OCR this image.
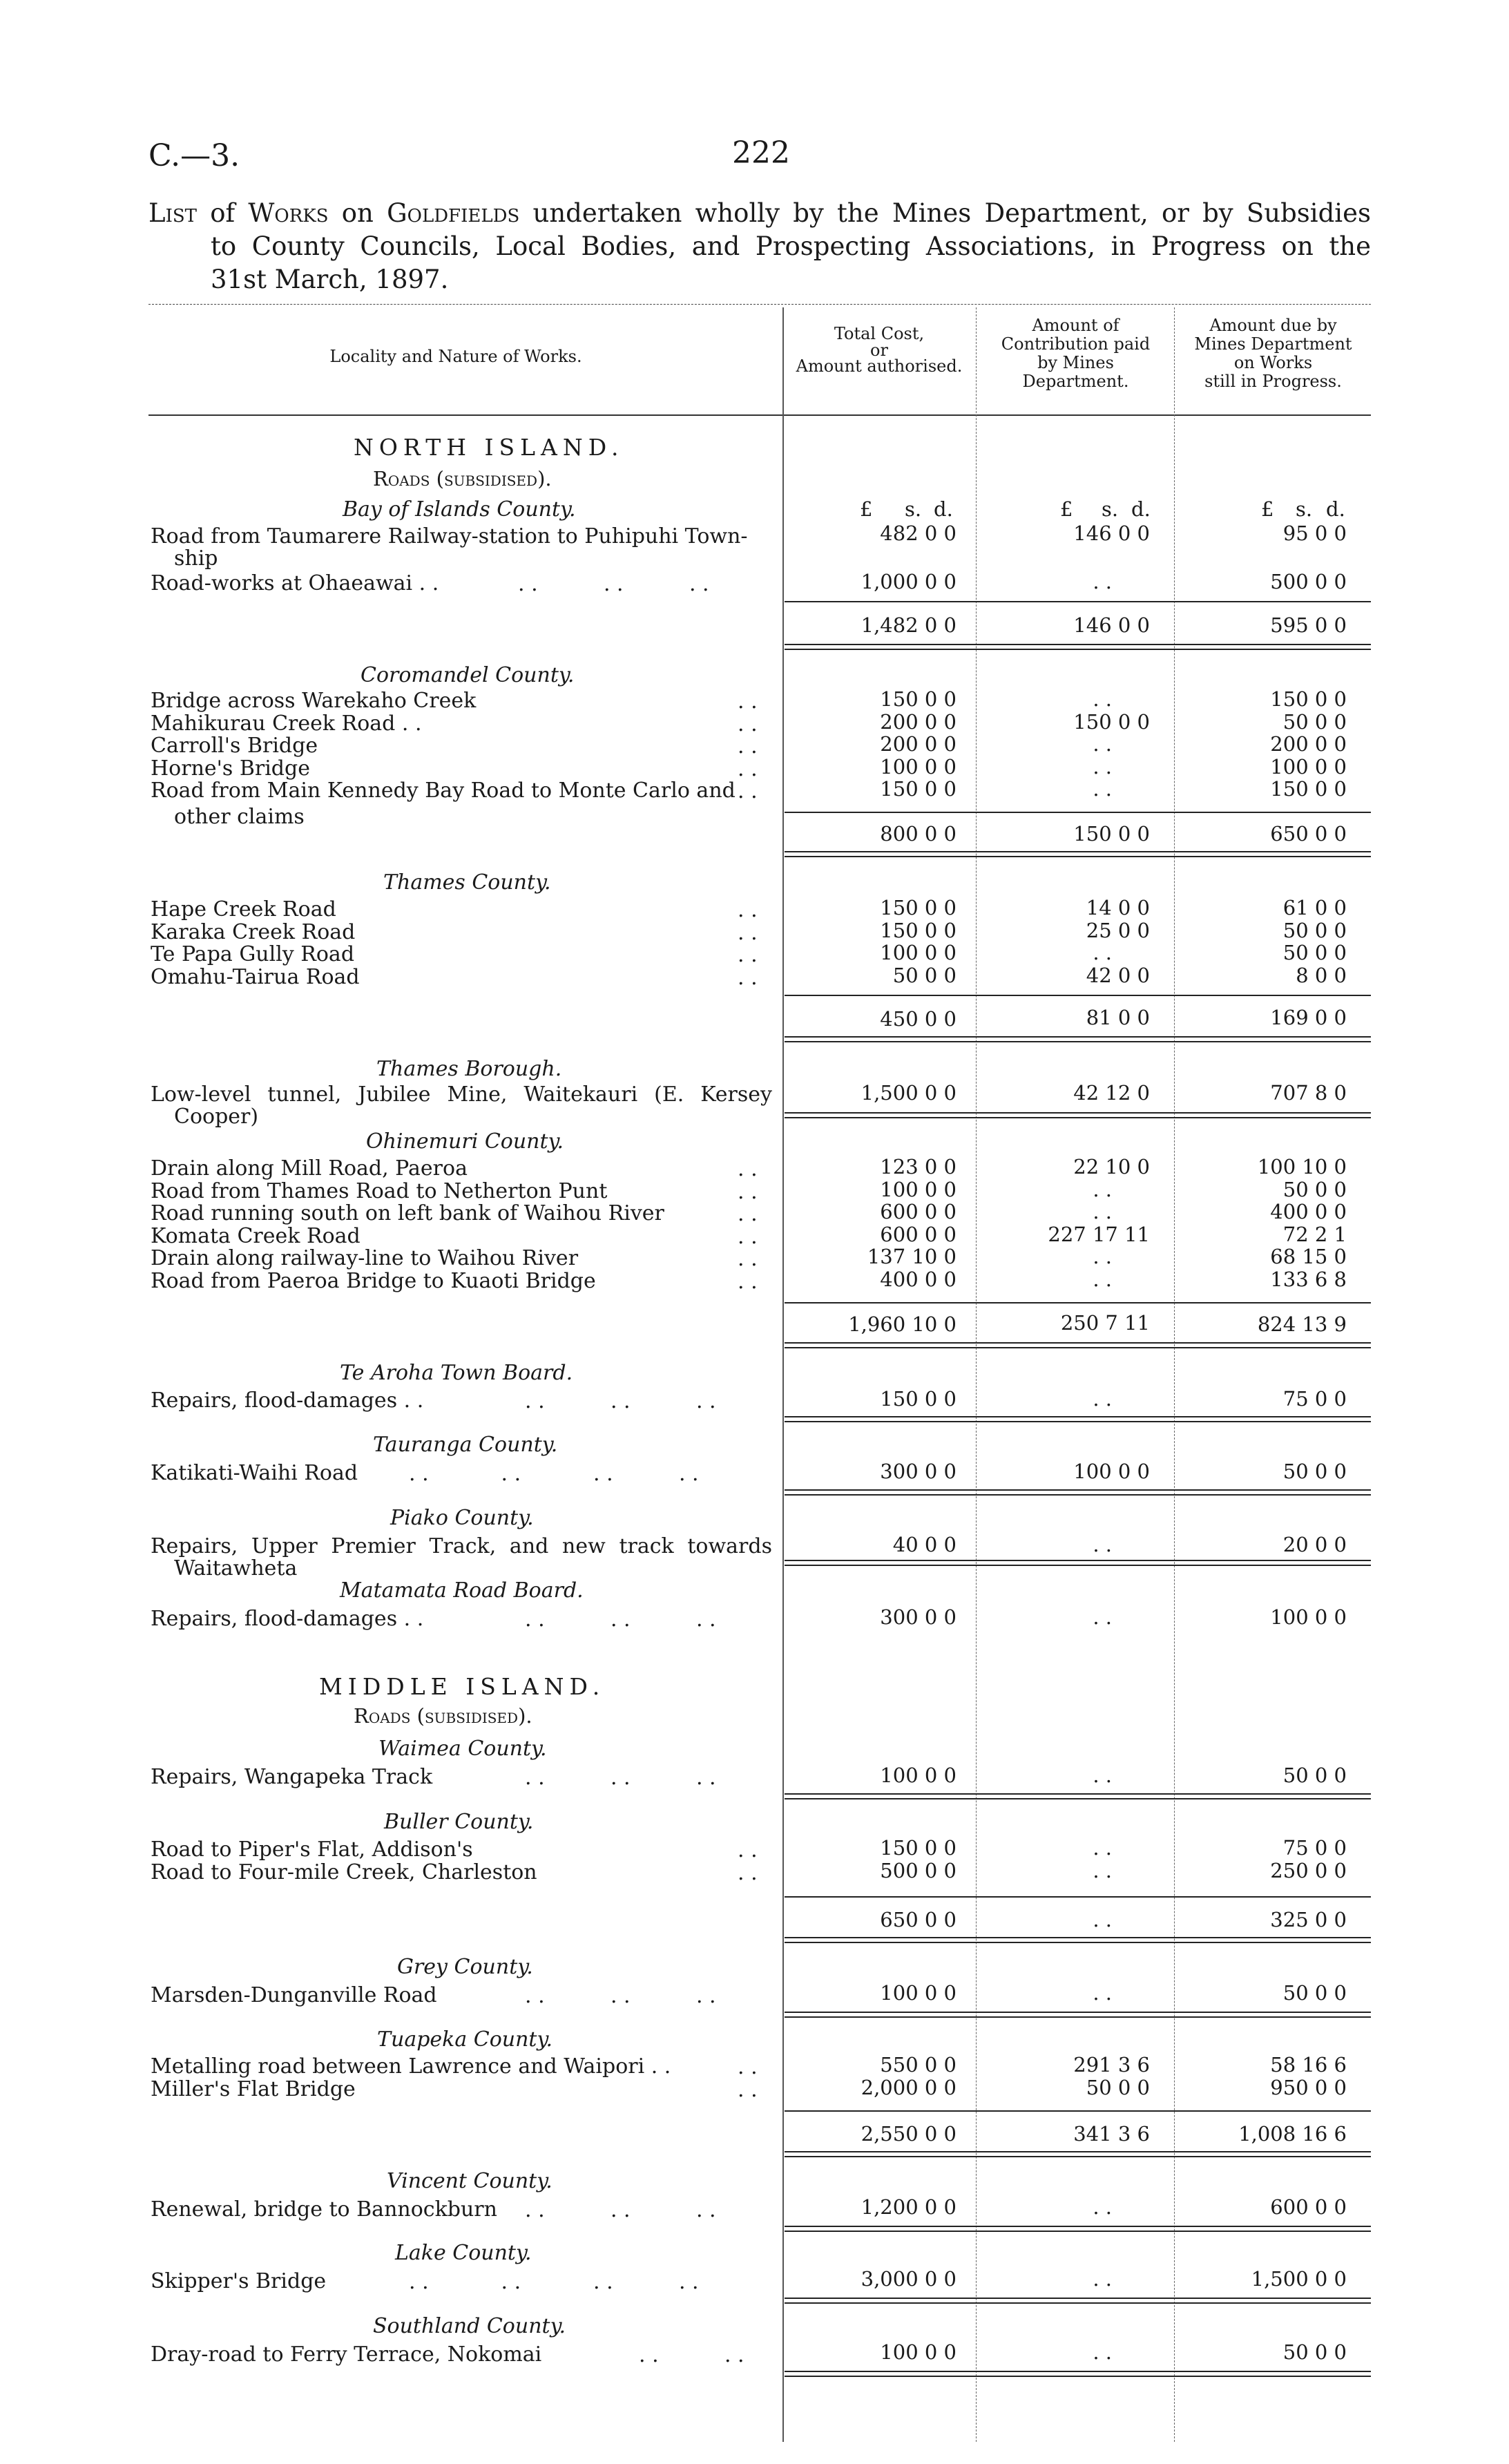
C.—3.	222
List of Works on Goldfields undertaken wholly by the Mines Department, or by Subsidies
to County Councils, Local Bodies, and Prospecting Associations, in Progress on the
31st March, 1897.
Locality and Nature of Works.
Total Cost,
or
Amount authorised.
Amount of
Contribution paid
by Mines
Department.
Amount due by
Mines Department
on Works
still in Progress.
NORTH ISLAND.
Roads (subsidised).
Bay of Islands County.	£ s. d.	£ s. d.	£ s. d.
Road from Taumarere Railway-station to Puhipuhi Town-
ship
482 0 0	146 0 0	95 0 0
Road-works at Ohaeawai . .	. .          . .          . .	1,000 0 0	. .	500 0 0
1,482 0 0	146 0 0	595 0 0
Coromandel County.
Bridge across Warekaho Creek	. .	150 0 0	. .	150 0 0
Mahikurau Creek Road . .	. .	200 0 0	150 0 0	50 0 0
Carroll's Bridge	. .	200 0 0	. .	200 0 0
Horne's Bridge	. .	100 0 0	. .	100 0 0
Road from Main Kennedy Bay Road to Monte Carlo and . .	150 0 0	. .	150 0 0
other claims
800 0 0	150 0 0	650 0 0
Thames County.
Hape Creek Road	. .	150 0 0	14 0 0	61 0 0
Karaka Creek Road	. .	150 0 0	25 0 0	50 0 0
Te Papa Gully Road	. .	100 0 0	. .	50 0 0
Omahu-Tairua Road	. .	50 0 0	42 0 0	8 0 0
450 0 0	81 0 0	169 0 0
Thames Borough.
Low-level tunnel, Jubilee Mine, Waitekauri (E. Kersey
Cooper)
1,500 0 0	42 12 0	707 8 0
Ohinemuri County.
Drain along Mill Road, Paeroa	. .	123 0 0	22 10 0	100 10 0
Road from Thames Road to Netherton Punt	. .	100 0 0	. .	50 0 0
Road running south on left bank of Waihou River	. .	600 0 0	. .	400 0 0
Komata Creek Road	. .	600 0 0	227 17 11	72 2 1
Drain along railway-line to Waihou River	. .	137 10 0	. .	68 15 0
Road from Paeroa Bridge to Kuaoti Bridge	. .	400 0 0	. .	133 6 8
1,960 10 0	250 7 11	824 13 9
Te Aroha Town Board.
Repairs, flood-damages . .	. .          . .          . .	150 0 0	. .	75 0 0
Tauranga County.
Katikati-Waihi Road . .           . .           . .          . .	300 0 0	100 0 0	50 0 0
Piako County.
Repairs, Upper Premier Track, and new track towards
Waitawheta
40 0 0	. .	20 0 0
Matamata Road Board.
Repairs, flood-damages . .	. .          . .          . .	300 0 0	. .	100 0 0
MIDDLE ISLAND.
Roads (subsidised).
Waimea County.
Repairs, Wangapeka Track	. .          . .          . .	100 0 0	. .	50 0 0
Buller County.
Road to Piper's Flat, Addison's	. .	150 0 0	. .	75 0 0
Road to Four-mile Creek, Charleston	. .	500 0 0	. .	250 0 0
650 0 0	. .	325 0 0
Grey County.
Marsden-Dunganville Road	. .          . .          . .	100 0 0	. .	50 0 0
Tuapeka County.
Metalling road between Lawrence and Waipori . .	. .	550 0 0	291 3 6	58 16 6
Miller's Flat Bridge	. .	2,000 0 0	50 0 0	950 0 0
2,550 0 0	341 3 6	1,008 16 6
Vincent County.
Renewal, bridge to Bannockburn . .          . .          . .	1,200 0 0	. .	600 0 0
Lake County.
Skipper's Bridge	. .           . .           . .          . .	3,000 0 0	. .	1,500 0 0
Southland County.
Dray-road to Ferry Terrace, Nokomai	. .          . .	100 0 0	. .	50 0 0
